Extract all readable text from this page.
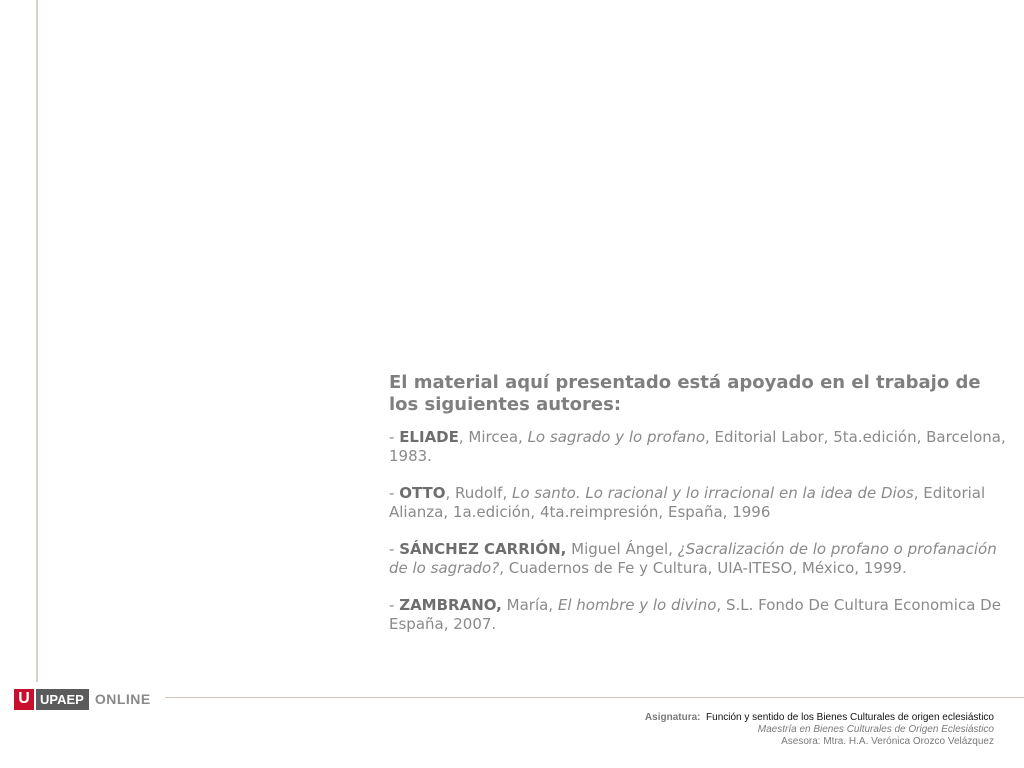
El material aquí presentado está apoyado en el trabajo de los siguientes autores:

- ELIADE, Mircea, Lo sagrado y lo profano, Editorial Labor, 5ta.edición, Barcelona, 1983.

- OTTO, Rudolf, Lo santo. Lo racional y lo irracional en la idea de Dios, Editorial Alianza, 1a.edición, 4ta.reimpresión, España, 1996

- SÁNCHEZ CARRIÓN, Miguel Ángel, ¿Sacralización de lo profano o profanación de lo sagrado?, Cuadernos de Fe y Cultura, UIA-ITESO, México, 1999.

- ZAMBRANO, María, El hombre y lo divino, S.L. Fondo De Cultura Economica De España, 2007.

U UPAEP ONLINE
Asignatura: Función y sentido de los Bienes Culturales de origen eclesiástico
Maestría en Bienes Culturales de Origen Eclesiástico
Asesora: Mtra. H.A. Verónica Orozco Velázquez
